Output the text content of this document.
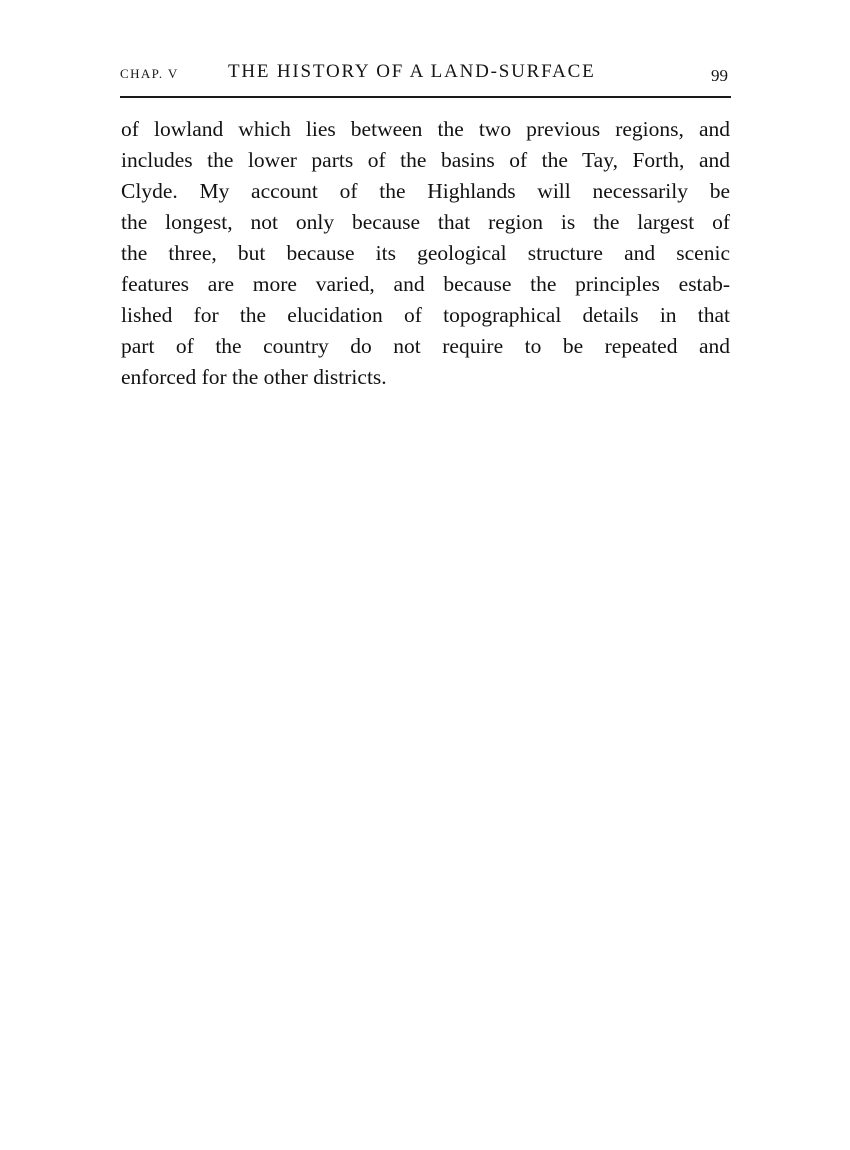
CHAP. V	THE HISTORY OF A LAND-SURFACE	99

of lowland which lies between the two previous regions, and
includes the lower parts of the basins of the Tay, Forth, and
Clyde. My account of the Highlands will necessarily be
the longest, not only because that region is the largest of
the three, but because its geological structure and scenic
features are more varied, and because the principles estab-
lished for the elucidation of topographical details in that
part of the country do not require to be repeated and
enforced for the other districts.
